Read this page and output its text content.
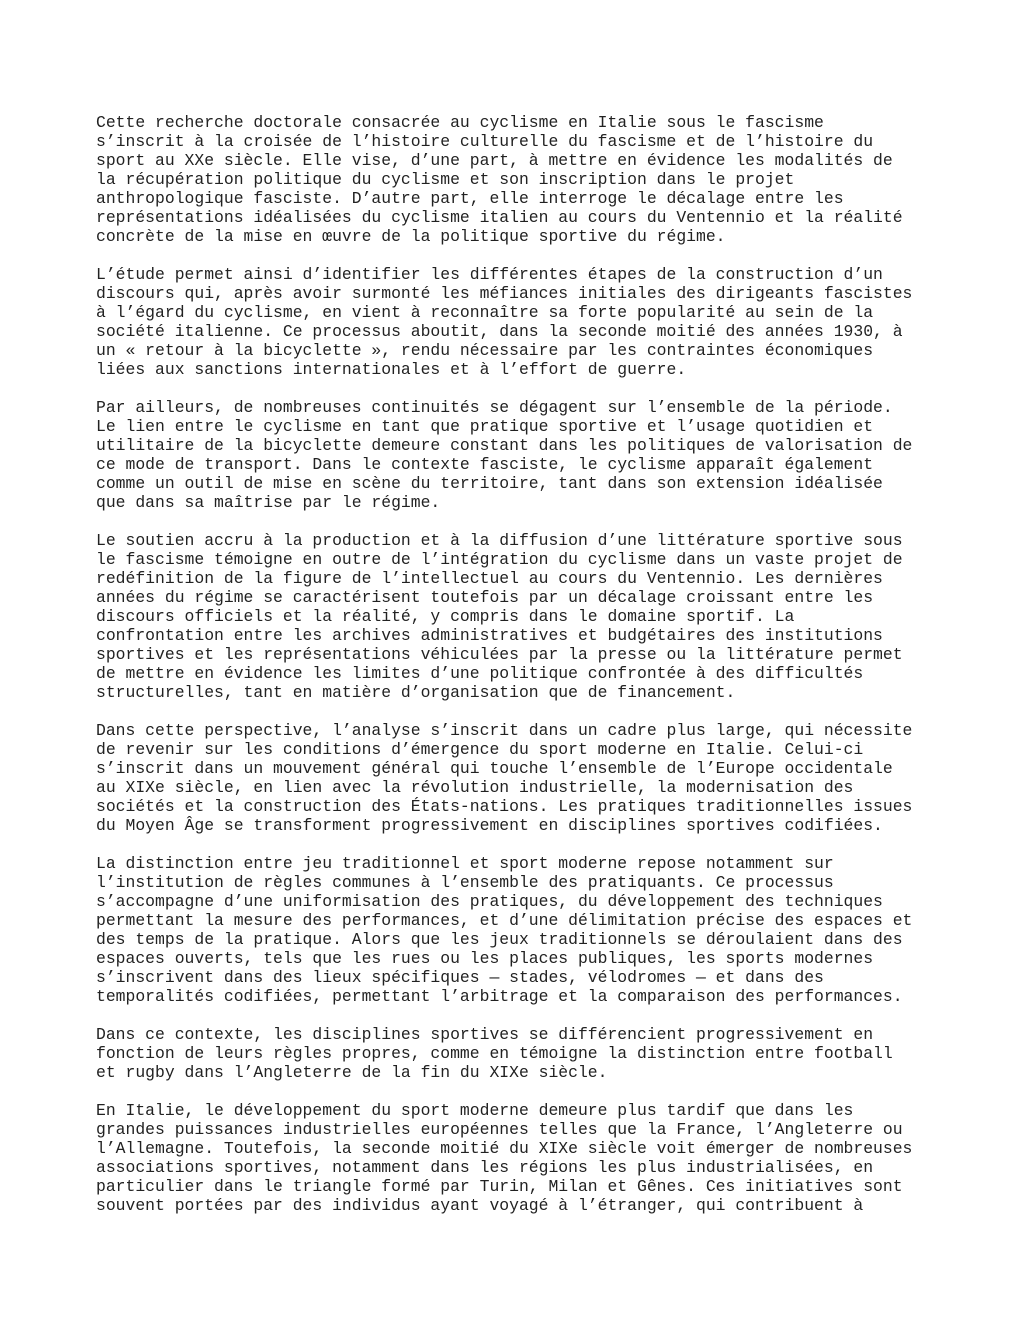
Cette recherche doctorale consacrée au cyclisme en Italie sous le fascisme
s’inscrit à la croisée de l’histoire culturelle du fascisme et de l’histoire du
sport au XXe siècle. Elle vise, d’une part, à mettre en évidence les modalités de
la récupération politique du cyclisme et son inscription dans le projet
anthropologique fasciste. D’autre part, elle interroge le décalage entre les
représentations idéalisées du cyclisme italien au cours du Ventennio et la réalité
concrète de la mise en œuvre de la politique sportive du régime.
L’étude permet ainsi d’identifier les différentes étapes de la construction d’un
discours qui, après avoir surmonté les méfiances initiales des dirigeants fascistes
à l’égard du cyclisme, en vient à reconnaître sa forte popularité au sein de la
société italienne. Ce processus aboutit, dans la seconde moitié des années 1930, à
un « retour à la bicyclette », rendu nécessaire par les contraintes économiques
liées aux sanctions internationales et à l’effort de guerre.
Par ailleurs, de nombreuses continuités se dégagent sur l’ensemble de la période.
Le lien entre le cyclisme en tant que pratique sportive et l’usage quotidien et
utilitaire de la bicyclette demeure constant dans les politiques de valorisation de
ce mode de transport. Dans le contexte fasciste, le cyclisme apparaît également
comme un outil de mise en scène du territoire, tant dans son extension idéalisée
que dans sa maîtrise par le régime.
Le soutien accru à la production et à la diffusion d’une littérature sportive sous
le fascisme témoigne en outre de l’intégration du cyclisme dans un vaste projet de
redéfinition de la figure de l’intellectuel au cours du Ventennio. Les dernières
années du régime se caractérisent toutefois par un décalage croissant entre les
discours officiels et la réalité, y compris dans le domaine sportif. La
confrontation entre les archives administratives et budgétaires des institutions
sportives et les représentations véhiculées par la presse ou la littérature permet
de mettre en évidence les limites d’une politique confrontée à des difficultés
structurelles, tant en matière d’organisation que de financement.
Dans cette perspective, l’analyse s’inscrit dans un cadre plus large, qui nécessite
de revenir sur les conditions d’émergence du sport moderne en Italie. Celui-ci
s’inscrit dans un mouvement général qui touche l’ensemble de l’Europe occidentale
au XIXe siècle, en lien avec la révolution industrielle, la modernisation des
sociétés et la construction des États-nations. Les pratiques traditionnelles issues
du Moyen Âge se transforment progressivement en disciplines sportives codifiées.
La distinction entre jeu traditionnel et sport moderne repose notamment sur
l’institution de règles communes à l’ensemble des pratiquants. Ce processus
s’accompagne d’une uniformisation des pratiques, du développement des techniques
permettant la mesure des performances, et d’une délimitation précise des espaces et
des temps de la pratique. Alors que les jeux traditionnels se déroulaient dans des
espaces ouverts, tels que les rues ou les places publiques, les sports modernes
s’inscrivent dans des lieux spécifiques — stades, vélodromes — et dans des
temporalités codifiées, permettant l’arbitrage et la comparaison des performances.
Dans ce contexte, les disciplines sportives se différencient progressivement en
fonction de leurs règles propres, comme en témoigne la distinction entre football
et rugby dans l’Angleterre de la fin du XIXe siècle.
En Italie, le développement du sport moderne demeure plus tardif que dans les
grandes puissances industrielles européennes telles que la France, l’Angleterre ou
l’Allemagne. Toutefois, la seconde moitié du XIXe siècle voit émerger de nombreuses
associations sportives, notamment dans les régions les plus industrialisées, en
particulier dans le triangle formé par Turin, Milan et Gênes. Ces initiatives sont
souvent portées par des individus ayant voyagé à l’étranger, qui contribuent à
